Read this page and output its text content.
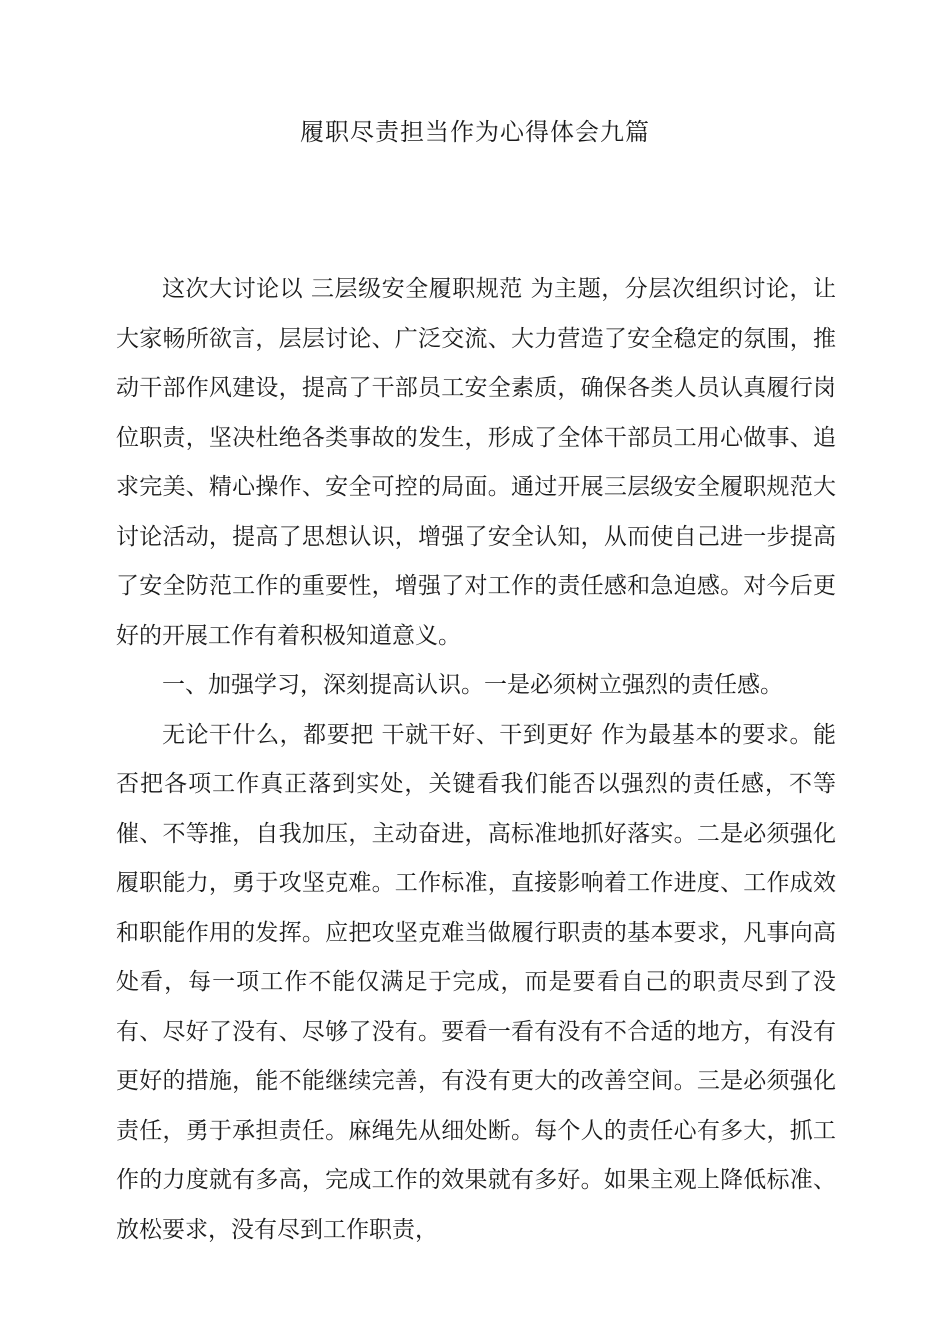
履职尽责担当作为心得体会九篇

这次大讨论以 三层级安全履职规范 为主题，分层次组织讨论，让大家畅所欲言，层层讨论、广泛交流、大力营造了安全稳定的氛围，推动干部作风建设，提高了干部员工安全素质，确保各类人员认真履行岗位职责，坚决杜绝各类事故的发生，形成了全体干部员工用心做事、追求完美、精心操作、安全可控的局面。通过开展三层级安全履职规范大讨论活动，提高了思想认识，增强了安全认知，从而使自己进一步提高了安全防范工作的重要性，增强了对工作的责任感和急迫感。对今后更好的开展工作有着积极知道意义。

一、加强学习，深刻提高认识。一是必须树立强烈的责任感。

无论干什么，都要把 干就干好、干到更好 作为最基本的要求。能否把各项工作真正落到实处，关键看我们能否以强烈的责任感，不等催、不等推，自我加压，主动奋进，高标准地抓好落实。二是必须强化履职能力，勇于攻坚克难。工作标准，直接影响着工作进度、工作成效和职能作用的发挥。应把攻坚克难当做履行职责的基本要求，凡事向高处看，每一项工作不能仅满足于完成，而是要看自己的职责尽到了没有、尽好了没有、尽够了没有。要看一看有没有不合适的地方，有没有更好的措施，能不能继续完善，有没有更大的改善空间。三是必须强化责任，勇于承担责任。麻绳先从细处断。每个人的责任心有多大，抓工作的力度就有多高，完成工作的效果就有多好。如果主观上降低标准、放松要求，没有尽到工作职责，
